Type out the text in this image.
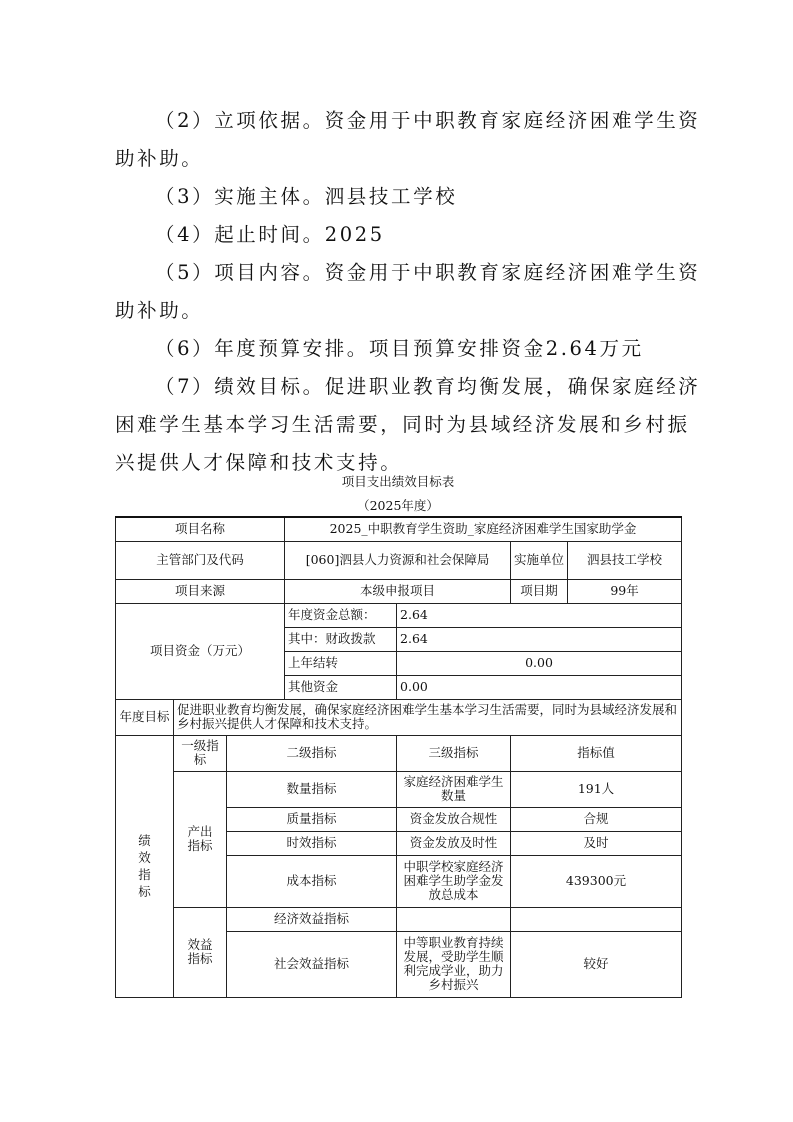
（2）立项依据。资金用于中职教育家庭经济困难学生资

助补助。

（3）实施主体。泗县技工学校

（4）起止时间。2025

（5）项目内容。资金用于中职教育家庭经济困难学生资

助补助。

（6）年度预算安排。项目预算安排资金2.64万元

（7）绩效目标。促进职业教育均衡发展，确保家庭经济

困难学生基本学习生活需要，同时为县域经济发展和乡村振

兴提供人才保障和技术支持。

项目支出绩效目标表
（2025年度）
项目名称			2025_中职教育学生资助_家庭经济困难学生国家助学金			
主管部门及代码			[060]泗县人力资源和社会保障局		实施单位	泗县技工学校
项目来源			本级申报项目		项目期	99年
项目资金（万元）			年度资金总额：	2.64		
			其中：财政拨款	2.64		
			上年结转	0.00		
			其他资金	0.00		
年度目标	促进职业教育均衡发展，确保家庭经济困难学生基本学习生活需要，同时为县域经济发展和乡村振兴提供人才保障和技术支持。					
绩效指标	一级指标	二级指标		三级指标	指标值	
	产出指标	数量指标		家庭经济困难学生数量	191人	
		质量指标		资金发放合规性	合规	
		时效指标		资金发放及时性	及时	
		成本指标		中职学校家庭经济困难学生助学金发放总成本	439300元	
	效益指标	经济效益指标				
		社会效益指标		中等职业教育持续发展，受助学生顺利完成学业，助力乡村振兴	较好	
